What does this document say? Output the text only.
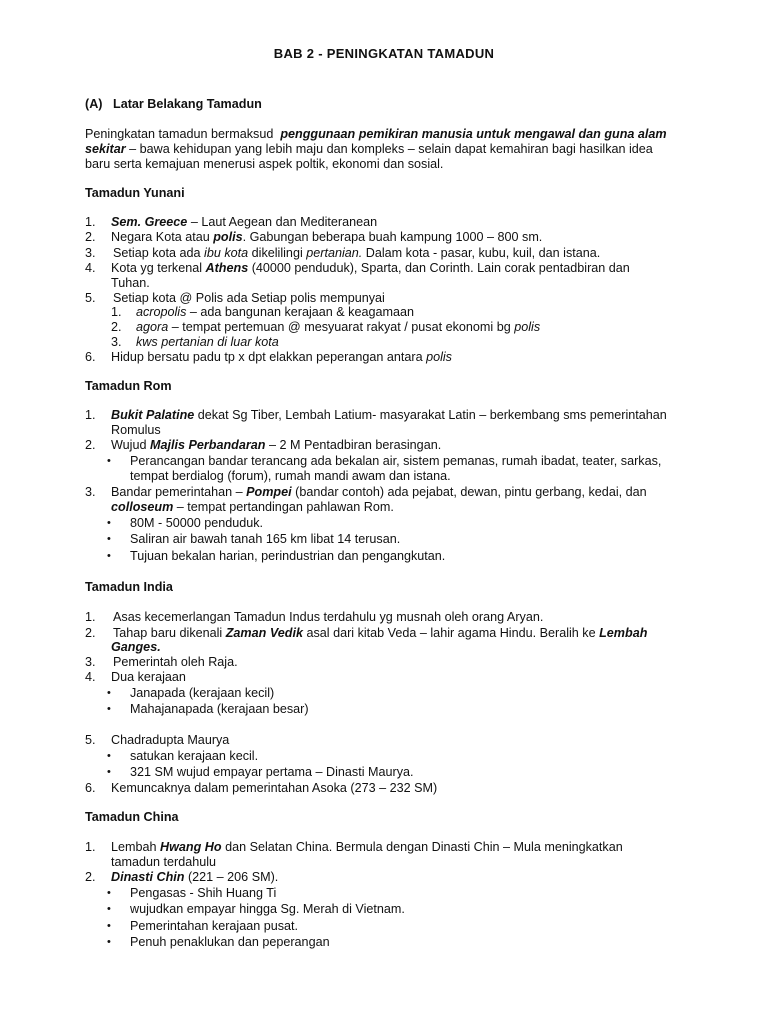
BAB 2 - PENINGKATAN TAMADUN
(A) Latar Belakang Tamadun
Peningkatan tamadun bermaksud penggunaan pemikiran manusia untuk mengawal dan guna alam
sekitar – bawa kehidupan yang lebih maju dan kompleks – selain dapat kemahiran bagi hasilkan idea
baru serta kemajuan menerusi aspek poltik, ekonomi dan sosial.
Tamadun Yunani
1. Sem. Greece – Laut Aegean dan Mediteranean
2. Negara Kota atau polis. Gabungan beberapa buah kampung 1000 – 800 sm.
3. Setiap kota ada ibu kota dikelilingi pertanian. Dalam kota - pasar, kubu, kuil, dan istana.
4. Kota yg terkenal Athens (40000 penduduk), Sparta, dan Corinth. Lain corak pentadbiran dan
Tuhan.
5. Setiap kota @ Polis ada Setiap polis mempunyai
1. acropolis – ada bangunan kerajaan & keagamaan
2. agora – tempat pertemuan @ mesyuarat rakyat / pusat ekonomi bg polis
3. kws pertanian di luar kota
6. Hidup bersatu padu tp x dpt elakkan peperangan antara polis
Tamadun Rom
1. Bukit Palatine dekat Sg Tiber, Lembah Latium- masyarakat Latin – berkembang sms pemerintahan
Romulus
2. Wujud Majlis Perbandaran – 2 M Pentadbiran berasingan.
• Perancangan bandar terancang ada bekalan air, sistem pemanas, rumah ibadat, teater, sarkas,
tempat berdialog (forum), rumah mandi awam dan istana.
3. Bandar pemerintahan – Pompei (bandar contoh) ada pejabat, dewan, pintu gerbang, kedai, dan
colloseum – tempat pertandingan pahlawan Rom.
• 80M - 50000 penduduk.
• Saliran air bawah tanah 165 km libat 14 terusan.
• Tujuan bekalan harian, perindustrian dan pengangkutan.
Tamadun India
1. Asas kecemerlangan Tamadun Indus terdahulu yg musnah oleh orang Aryan.
2. Tahap baru dikenali Zaman Vedik asal dari kitab Veda – lahir agama Hindu. Beralih ke Lembah
Ganges.
3. Pemerintah oleh Raja.
4. Dua kerajaan
• Janapada (kerajaan kecil)
• Mahajanapada (kerajaan besar)
5. Chadradupta Maurya
• satukan kerajaan kecil.
• 321 SM wujud empayar pertama – Dinasti Maurya.
6. Kemuncaknya dalam pemerintahan Asoka (273 – 232 SM)
Tamadun China
1. Lembah Hwang Ho dan Selatan China. Bermula dengan Dinasti Chin – Mula meningkatkan
tamadun terdahulu
2. Dinasti Chin (221 – 206 SM).
• Pengasas - Shih Huang Ti
• wujudkan empayar hingga Sg. Merah di Vietnam.
• Pemerintahan kerajaan pusat.
• Penuh penaklukan dan peperangan
